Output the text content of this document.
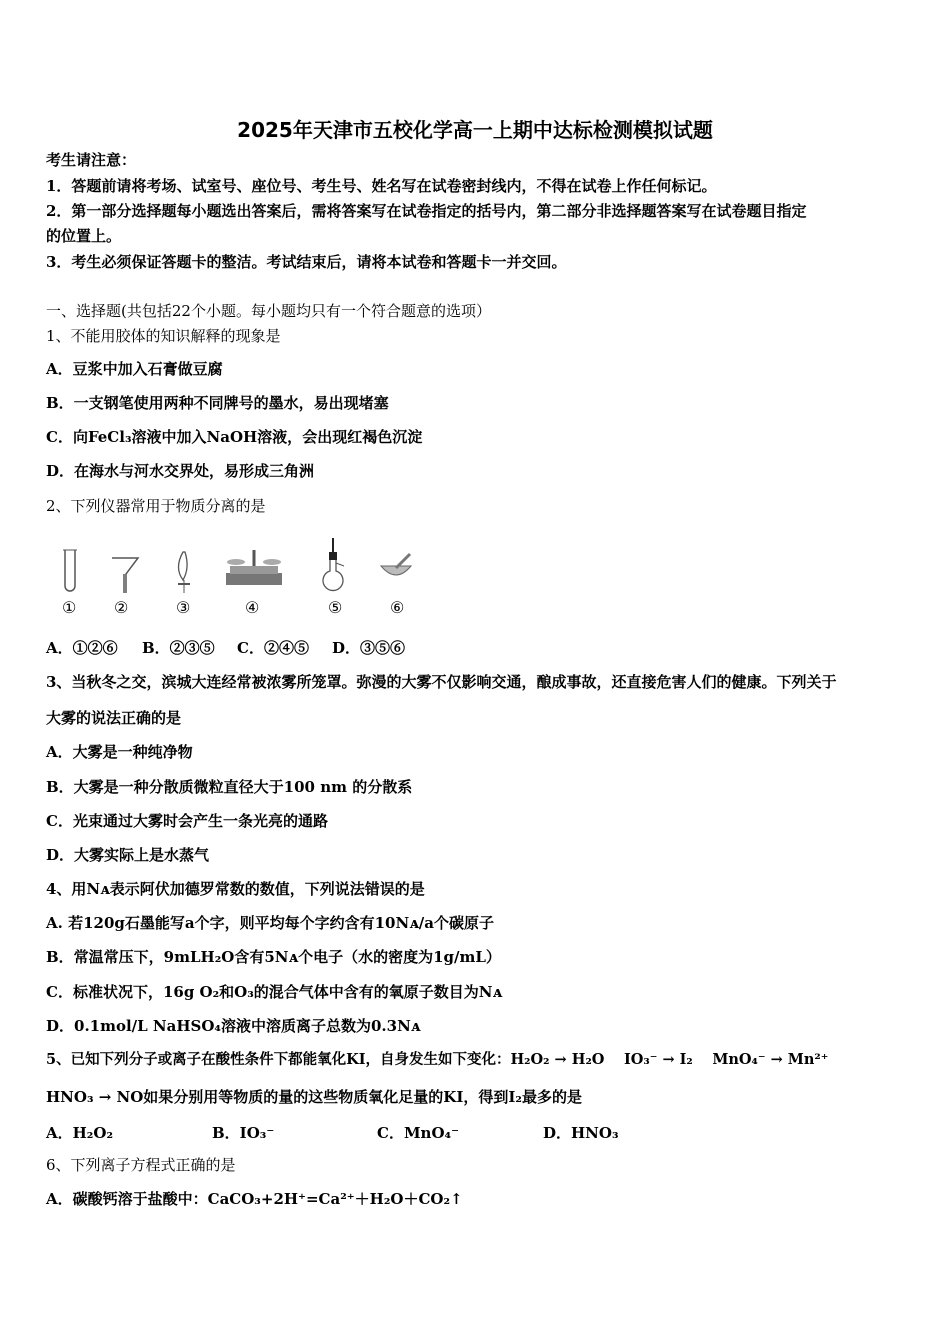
2025年天津市五校化学高一上期中达标检测模拟试题
考生请注意：
1．答题前请将考场、试室号、座位号、考生号、姓名写在试卷密封线内，不得在试卷上作任何标记。
2．第一部分选择题每小题选出答案后，需将答案写在试卷指定的括号内，第二部分非选择题答案写在试卷题目指定
的位置上。
3．考生必须保证答题卡的整洁。考试结束后，请将本试卷和答题卡一并交回。
一、选择题(共包括22个小题。每小题均只有一个符合题意的选项）
1、不能用胶体的知识解释的现象是
A．豆浆中加入石膏做豆腐
B．一支钢笔使用两种不同牌号的墨水，易出现堵塞
C．向FeCl₃溶液中加入NaOH溶液，会出现红褐色沉淀
D．在海水与河水交界处，易形成三角洲
2、下列仪器常用于物质分离的是
① ②	③	④	⑤	⑥
A．①②⑥ B．②③⑤ C．②④⑤ D．③⑤⑥
3、当秋冬之交，滨城大连经常被浓雾所笼罩。弥漫的大雾不仅影响交通，酿成事故，还直接危害人们的健康。下列关于
大雾的说法正确的是
A．大雾是一种纯净物
B．大雾是一种分散质微粒直径大于100 nm 的分散系
C．光束通过大雾时会产生一条光亮的通路
D．大雾实际上是水蒸气
4、用Nᴀ表示阿伏加德罗常数的数值，下列说法错误的是
A. 若120g石墨能写a个字，则平均每个字约含有10Nᴀ/a个碳原子
B．常温常压下，9mLH₂O含有5Nᴀ个电子（水的密度为1g/mL）
C．标准状况下，16g O₂和O₃的混合气体中含有的氧原子数目为Nᴀ
D．0.1mol/L NaHSO₄溶液中溶质离子总数为0.3Nᴀ
5、已知下列分子或离子在酸性条件下都能氧化KI，自身发生如下变化：H₂O₂ → H₂O　 IO₃⁻ → I₂　 MnO₄⁻ → Mn²⁺
HNO₃ → NO如果分别用等物质的量的这些物质氧化足量的KI，得到I₂最多的是
A．H₂O₂	B．IO₃⁻	C．MnO₄⁻	D．HNO₃
6、下列离子方程式正确的是
A．碳酸钙溶于盐酸中：CaCO₃+2H⁺=Ca²⁺＋H₂O＋CO₂↑
